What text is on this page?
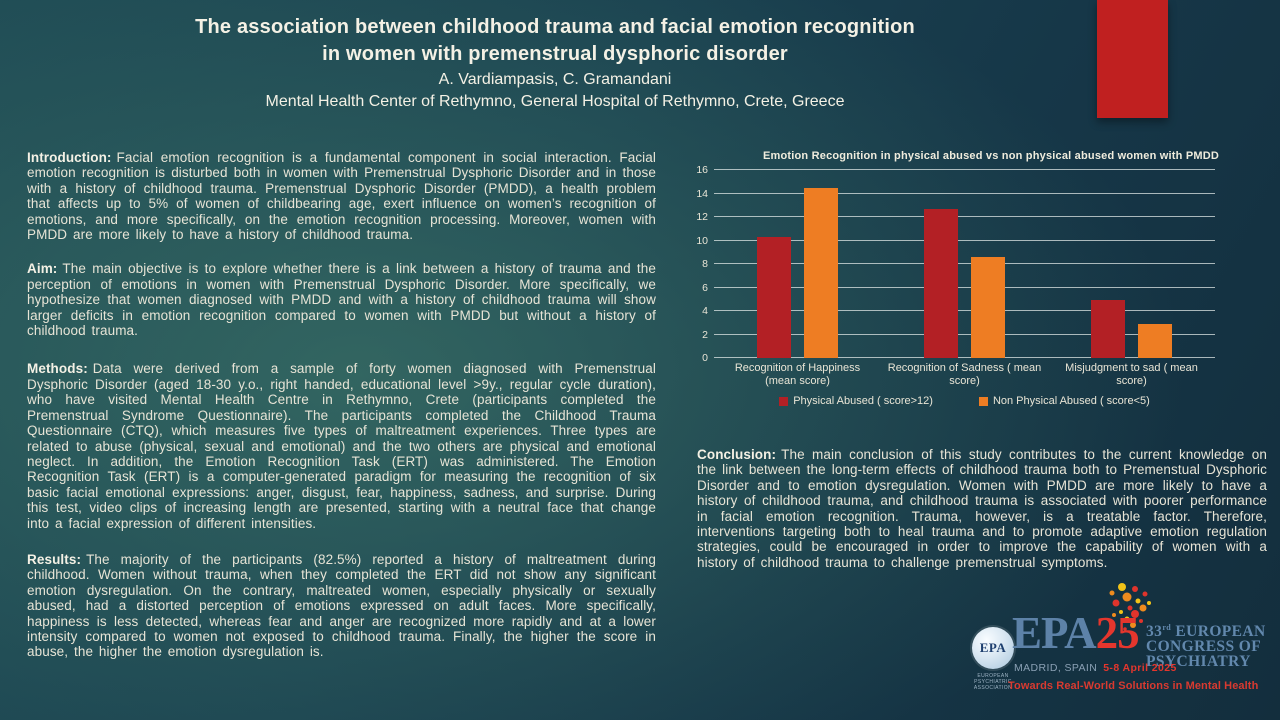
The association between childhood trauma and facial emotion recognition
in women with premenstrual dysphoric disorder
A. Vardiampasis, C. Gramandani
Mental Health Center of Rethymno, General Hospital of Rethymno, Crete, Greece

Introduction: Facial emotion recognition is a fundamental component in social interaction. Facial emotion recognition is disturbed both in women with Premenstrual Dysphoric Disorder and in those with a history of childhood trauma. Premenstrual Dysphoric Disorder (PMDD), a health problem that affects up to 5% of women of childbearing age, exert influence on women’s recognition of emotions, and more specifically, on the emotion recognition processing. Moreover, women with PMDD are more likely to have a history of childhood trauma.

Aim: The main objective is to explore whether there is a link between a history of trauma and the perception of emotions in women with Premenstrual Dysphoric Disorder. More specifically, we hypothesize that women diagnosed with PMDD and with a history of childhood trauma will show larger deficits in emotion recognition compared to women with PMDD but without a history of childhood trauma.

Methods: Data were derived from a sample of forty women diagnosed with Premenstrual Dysphoric Disorder (aged 18-30 y.o., right handed, educational level >9y., regular cycle duration), who have visited Mental Health Centre in Rethymno, Crete (participants completed the Premenstrual Syndrome Questionnaire). The participants completed the Childhood Trauma Questionnaire (CTQ), which measures five types of maltreatment experiences. Three types are related to abuse (physical, sexual and emotional) and the two others are physical and emotional neglect. In addition, the Emotion Recognition Task (ERT) was administered. The Emotion Recognition Task (ERT) is a computer-generated paradigm for measuring the recognition of six basic facial emotional expressions: anger, disgust, fear, happiness, sadness, and surprise. During this test, video clips of increasing length are presented, starting with a neutral face that change into a facial expression of different intensities.

Results: The majority of the participants (82.5%) reported a history of maltreatment during childhood. Women without trauma, when they completed the ERT did not show any significant emotion dysregulation. On the contrary, maltreated women, especially physically or sexually abused, had a distorted perception of emotions expressed on adult faces. More specifically, happiness is less detected, whereas fear and anger are recognized more rapidly and at a lower intensity compared to women not exposed to childhood trauma. Finally, the higher the score in abuse, the higher the emotion dysregulation is.

Emotion Recognition in physical abused vs non physical abused women with PMDD
0
2
4
6
8
10
12
14
16
Recognition of Happiness (mean score)
Recognition of Sadness ( mean score)
Misjudgment to sad ( mean score)
Physical Abused ( score>12)	Non Physical Abused ( score<5)

Conclusion: The main conclusion of this study contributes to the current knowledge on the link between the long-term effects of childhood trauma both to Premenstual Dysphoric Disorder and to emotion dysregulation. Women with PMDD are more likely to have a history of childhood trauma, and childhood trauma is associated with poorer performance in facial emotion recognition. Trauma, however, is a treatable factor. Therefore, interventions targeting both to heal trauma and to promote adaptive emotion regulation strategies, could be encouraged in order to improve the capability of women with a history of childhood trauma to challenge premenstrual symptoms.

EPA
EUROPEAN PSYCHIATRIC ASSOCIATION
EPA25 33rd EUROPEAN
CONGRESS OF
PSYCHIATRY
MADRID, SPAIN 5-8 April 2025
Towards Real-World Solutions in Mental Health
